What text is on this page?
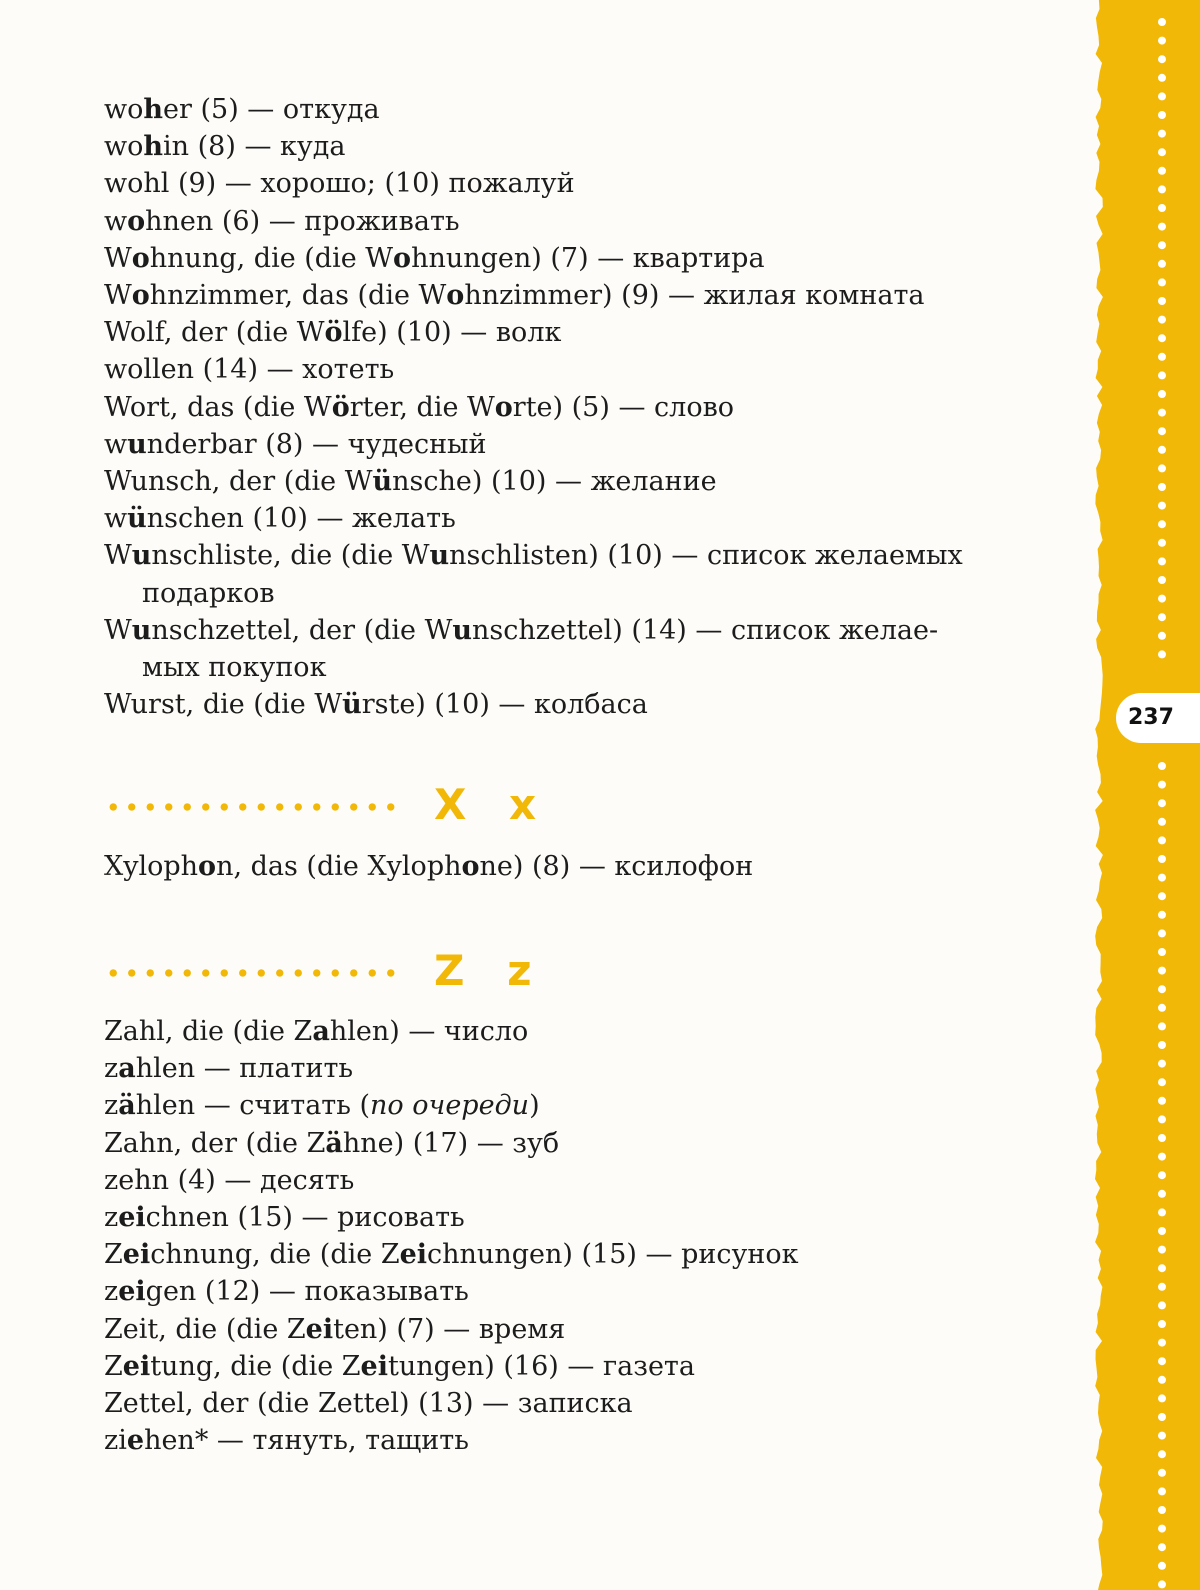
woher (5) — откуда
wohin (8) — куда
wohl (9) — хорошо; (10) пожалуй
wohnen (6) — проживать
Wohnung, die (die Wohnungen) (7) — квартира
Wohnzimmer, das (die Wohnzimmer) (9) — жилая комната
Wolf, der (die Wölfe) (10) — волк
wollen (14) — хотеть
Wort, das (die Wörter, die Worte) (5) — слово
wunderbar (8) — чудесный
Wunsch, der (die Wünsche) (10) — желание
wünschen (10) — желать
Wunschliste, die (die Wunschlisten) (10) — список желаемых
подарков
Wunschzettel, der (die Wunschzettel) (14) — список желае-
мых покупок
Wurst, die (die Würste) (10) — колбаса
X x
Xylophon, das (die Xylophone) (8) — ксилофон
Z z
Zahl, die (die Zahlen) — число
zahlen — платить
zählen — считать (по очереди)
Zahn, der (die Zähne) (17) — зуб
zehn (4) — десять
zeichnen (15) — рисовать
Zeichnung, die (die Zeichnungen) (15) — рисунок
zeigen (12) — показывать
Zeit, die (die Zeiten) (7) — время
Zeitung, die (die Zeitungen) (16) — газета
Zettel, der (die Zettel) (13) — записка
ziehen* — тянуть, тащить
237
